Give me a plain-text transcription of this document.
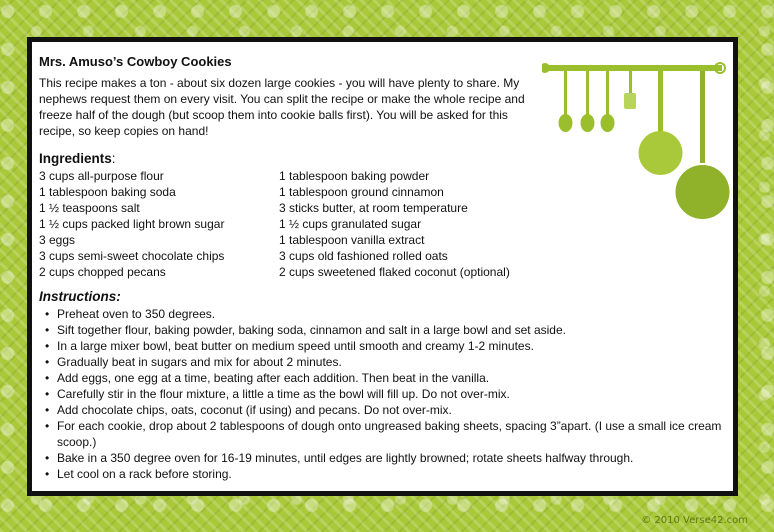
Mrs. Amuso’s Cowboy Cookies
This recipe makes a ton - about six dozen large cookies - you will have plenty to share. My nephews request them on every visit. You can split the recipe or make the whole recipe and freeze half of the dough (but scoop them into cookie balls first). You will be asked for this recipe, so keep copies on hand!
Ingredients:
3 cups all-purpose flour
1 tablespoon baking soda
1 ½ teaspoons salt
1 ½ cups packed light brown sugar
3 eggs
3 cups semi-sweet chocolate chips
2 cups chopped pecans
1 tablespoon baking powder
1 tablespoon ground cinnamon
3 sticks butter, at room temperature
1 ½ cups granulated sugar
1 tablespoon vanilla extract
3 cups old fashioned rolled oats
2 cups sweetened flaked coconut (optional)
Instructions:
• Preheat oven to 350 degrees.
• Sift together flour, baking powder, baking soda, cinnamon and salt in a large bowl and set aside.
• In a large mixer bowl, beat butter on medium speed until smooth and creamy 1-2 minutes.
• Gradually beat in sugars and mix for about 2 minutes.
• Add eggs, one egg at a time, beating after each addition. Then beat in the vanilla.
• Carefully stir in the flour mixture, a little a time as the bowl will fill up. Do not over-mix.
• Add chocolate chips, oats, coconut (if using) and pecans. Do not over-mix.
• For each cookie, drop about 2 tablespoons of dough onto ungreased baking sheets, spacing 3”apart. (I use a small ice cream scoop.)
• Bake in a 350 degree oven for 16-19 minutes, until edges are lightly browned; rotate sheets halfway through.
• Let cool on a rack before storing.
© 2010 Verse42.com
